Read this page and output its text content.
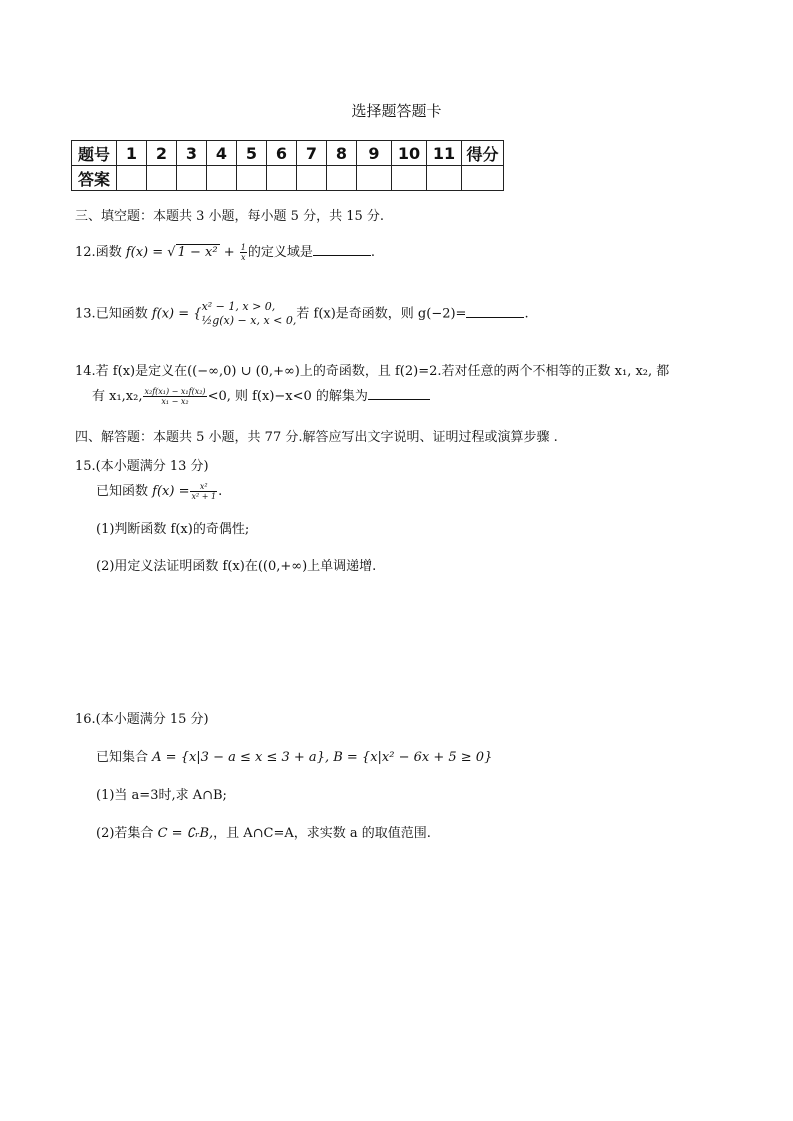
选择题答题卡
题号	1	2	3	4	5	6	7	8	9	10	11	得分
答案												
三、填空题：本题共 3 小题，每小题 5 分，共 15 分.
12.函数 f(x) = √ $1 - x^2 + \frac{1}{x}$ 的定义域是	.
13.已知函数 f(x) = { x² − 1, x > 0,
½g(x) − x, x < 0, 若 f(x)是奇函数，则 g(−2)=	.
14.若 f(x)是定义在((−∞,0) ∪ (0,+∞)上的奇函数，且 f(2)=2.若对任意的两个不相等的正数 x₁, x₂, 都
有 x₁,x₂, $\frac{\text{x₂f(x₁) − x₁f(x₂)}}{\text{x₁ − x₂}} <0$, 则 f(x)−x<0 的解集为
四、解答题：本题共 5 小题，共 77 分.解答应写出文字说明、证明过程或演算步骤 .
15.(本小题满分 13 分)
已知函数 $f(x) = \frac{\text{x²}}{\text{x² + 1}}$ .
(1)判断函数 f(x)的奇偶性;
(2)用定义法证明函数 f(x)在((0,+∞)上单调递增.
16.(本小题满分 15 分)
已知集合 A = {x|3 − a ≤ x ≤ 3 + a}, B = {x|x² − 6x + 5 ≥ 0}
(1)当 a=3时,求 A∩B;
(2)若集合 C = ∁ᵣB,，且 A∩C=A，求实数 a 的取值范围.
